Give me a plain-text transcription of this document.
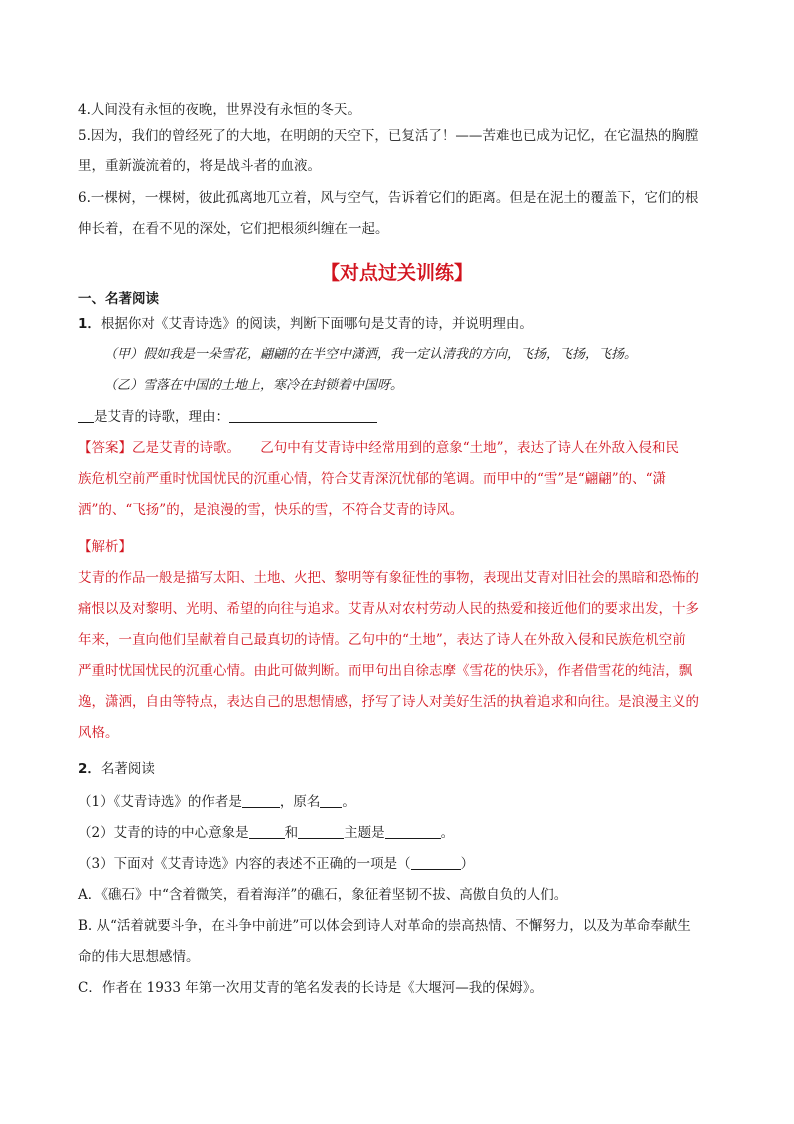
4.人间没有永恒的夜晚，世界没有永恒的冬天。

5.因为，我们的曾经死了的大地，在明朗的天空下，已复活了！——苦难也已成为记忆，在它温热的胸膛

里，重新漩流着的，将是战斗者的血液。

6.一棵树，一棵树，彼此孤离地兀立着，风与空气，告诉着它们的距离。但是在泥土的覆盖下，它们的根

伸长着，在看不见的深处，它们把根须纠缠在一起。

【对点过关训练】

一、名著阅读

1．根据你对《艾青诗选》的阅读，判断下面哪句是艾青的诗，并说明理由。

（甲）假如我是一朵雪花，翩翩的在半空中潇洒，我一定认清我的方向，飞扬，飞扬，飞扬。

（乙）雪落在中国的土地上，寒冷在封锁着中国呀。

是艾青的诗歌，理由：

【答案】乙是艾青的诗歌。　　乙句中有艾青诗中经常用到的意象“土地”，表达了诗人在外敌入侵和民

族危机空前严重时忧国忧民的沉重心情，符合艾青深沉忧郁的笔调。而甲中的“雪”是“翩翩”的、“潇

洒”的、“飞扬”的，是浪漫的雪，快乐的雪，不符合艾青的诗风。

【解析】

艾青的作品一般是描写太阳、土地、火把、黎明等有象征性的事物，表现出艾青对旧社会的黑暗和恐怖的

痛恨以及对黎明、光明、希望的向往与追求。艾青从对农村劳动人民的热爱和接近他们的要求出发，十多

年来，一直向他们呈献着自己最真切的诗情。乙句中的“土地”，表达了诗人在外敌入侵和民族危机空前

严重时忧国忧民的沉重心情。由此可做判断。而甲句出自徐志摩《雪花的快乐》，作者借雪花的纯洁，飘

逸，潇洒，自由等特点，表达自己的思想情感，抒写了诗人对美好生活的执着追求和向往。是浪漫主义的

风格。

2．名著阅读

（1）《艾青诗选》的作者是	，原名 。

（2）艾青的诗的中心意象是	和	主题是	。

（3）下面对《艾青诗选》内容的表述不正确的一项是（	）

A．《礁石》中“含着微笑，看着海洋”的礁石，象征着坚韧不拔、高傲自负的人们。

B. 从“活着就要斗争，在斗争中前进”可以体会到诗人对革命的崇高热情、不懈努力，以及为革命奉献生

命的伟大思想感情。

C．作者在 1933 年第一次用艾青的笔名发表的长诗是《大堰河—我的保姆》。
